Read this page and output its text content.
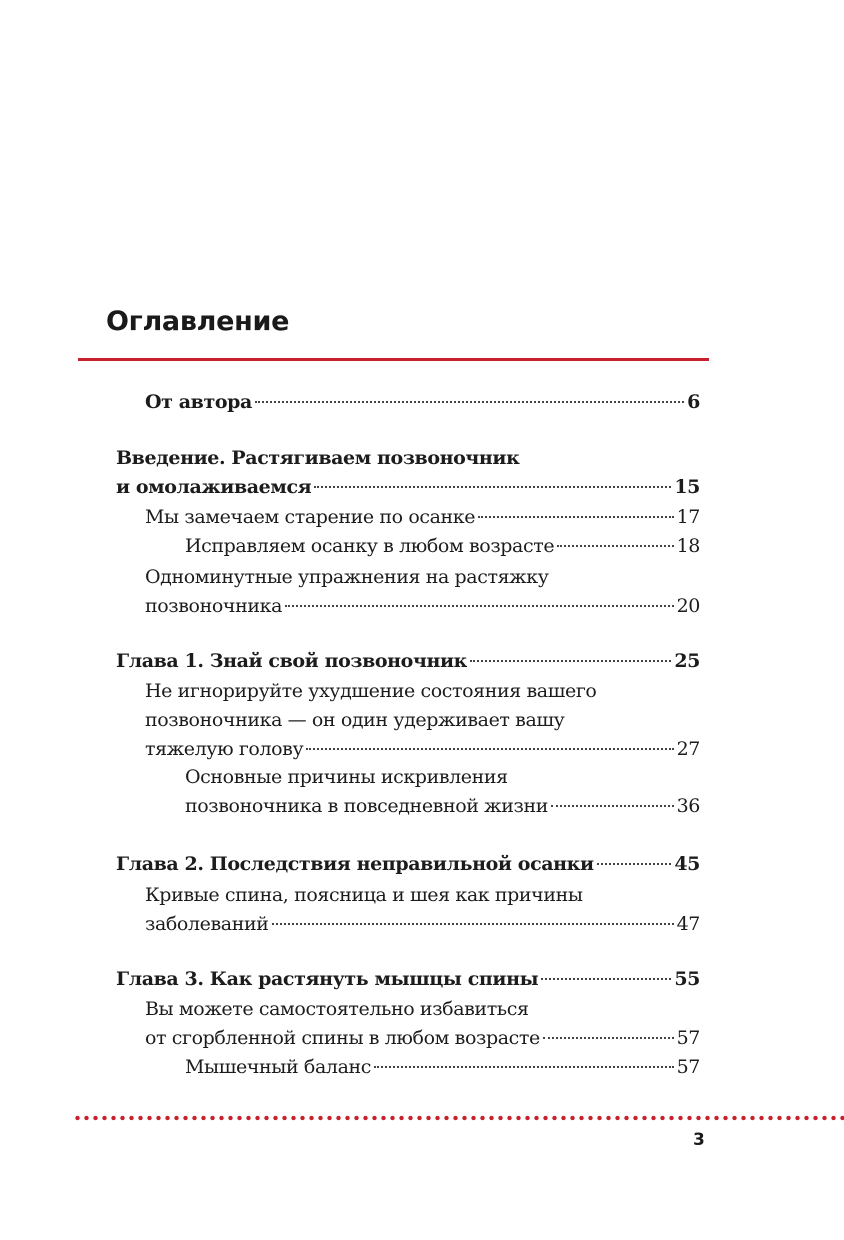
Оглавление
От автора	6
Введение. Растягиваем позвоночник
и омолаживаемся	15
Мы замечаем старение по осанке	17
Исправляем осанку в любом возрасте	18
Одноминутные упражнения на растяжку
позвоночника	20
Глава 1. Знай свой позвоночник	25
Не игнорируйте ухудшение состояния вашего
позвоночника — он один удерживает вашу
тяжелую голову	27
Основные причины искривления
позвоночника в повседневной жизни	36
Глава 2. Последствия неправильной осанки	45
Кривые спина, поясница и шея как причины
заболеваний	47
Глава 3. Как растянуть мышцы спины	55
Вы можете самостоятельно избавиться
от сгорбленной спины в любом возрасте	57
Мышечный баланс	57
3
